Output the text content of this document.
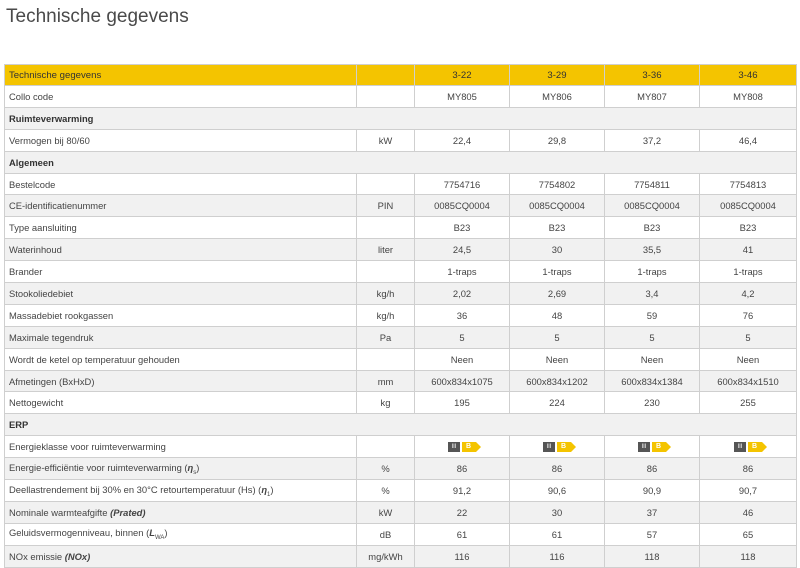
Technische gegevens
Technische gegevens		3-22	3-29	3-36	3-46
Collo code		MY805	MY806	MY807	MY808
Ruimteverwarming					
Vermogen bij 80/60	kW	22,4	29,8	37,2	46,4
Algemeen					
Bestelcode		7754716	7754802	7754811	7754813
CE-identificatienummer	PIN	0085CQ0004	0085CQ0004	0085CQ0004	0085CQ0004
Type aansluiting		B23	B23	B23	B23
Waterinhoud	liter	24,5	30	35,5	41
Brander		1-traps	1-traps	1-traps	1-traps
Stookoliedebiet	kg/h	2,02	2,69	3,4	4,2
Massadebiet rookgassen	kg/h	36	48	59	76
Maximale tegendruk	Pa	5	5	5	5
Wordt de ketel op temperatuur gehouden		Neen	Neen	Neen	Neen
Afmetingen (BxHxD)	mm	600x834x1075	600x834x1202	600x834x1384	600x834x1510
Nettogewicht	kg	195	224	230	255
ERP					
Energieklasse voor ruimteverwarming		III B	III B	III B	III B

Energie-efficiëntie voor ruimteverwarming $(\eta_s)$	%	86	86	86	86
Deellastrendement bij 30% en 30°C retourtemperatuur (Hs) $(\eta_1)$	%	91,2	90,6	90,9	90,7
Nominale warmteafgifte (Prated)	kW	22	30	37	46
Geluidsvermogenniveau, binnen $(L_{WA})$	dB	61	61	57	65
NOx emissie (NOx)	mg/kWh	116	116	118	118
